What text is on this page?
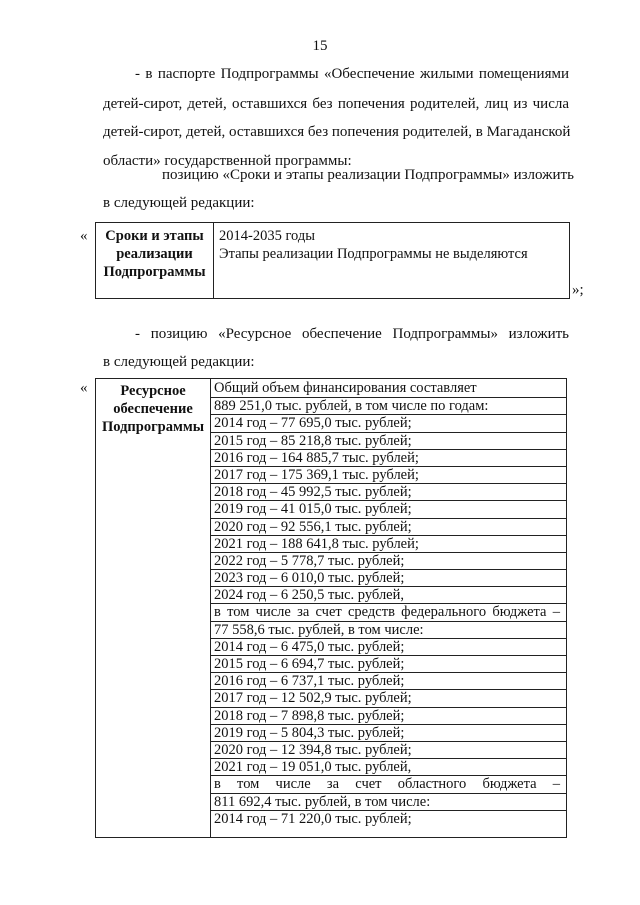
15
- в паспорте Подпрограммы «Обеспечение жилыми помещениями
детей-сирот, детей, оставшихся без попечения родителей, лиц из числа
детей-сирот, детей, оставшихся без попечения родителей, в Магаданской
области» государственной программы:
позицию «Сроки и этапы реализации Подпрограммы» изложить
в следующей редакции:
«	Сроки и этапы
реализации
Подпрограммы
2014-2035 годы
Этапы реализации Подпрограммы не выделяются
»;
- позицию «Ресурсное обеспечение Подпрограммы» изложить
в следующей редакции:
«	Ресурсное
обеспечение
Подпрограммы
Общий объем финансирования составляет
889 251,0 тыс. рублей, в том числе по годам:
2014 год – 77 695,0 тыс. рублей;
2015 год – 85 218,8 тыс. рублей;
2016 год – 164 885,7 тыс. рублей;
2017 год – 175 369,1 тыс. рублей;
2018 год – 45 992,5 тыс. рублей;
2019 год – 41 015,0 тыс. рублей;
2020 год – 92 556,1 тыс. рублей;
2021 год – 188 641,8 тыс. рублей;
2022 год – 5 778,7 тыс. рублей;
2023 год – 6 010,0 тыс. рублей;
2024 год – 6 250,5 тыс. рублей,
в том числе за счет средств федерального бюджета –
77 558,6 тыс. рублей, в том числе:
2014 год – 6 475,0 тыс. рублей;
2015 год – 6 694,7 тыс. рублей;
2016 год – 6 737,1 тыс. рублей;
2017 год – 12 502,9 тыс. рублей;
2018 год – 7 898,8 тыс. рублей;
2019 год – 5 804,3 тыс. рублей;
2020 год – 12 394,8 тыс. рублей;
2021 год – 19 051,0 тыс. рублей,
в том числе за счет областного бюджета –
811 692,4 тыс. рублей, в том числе:
2014 год – 71 220,0 тыс. рублей;
